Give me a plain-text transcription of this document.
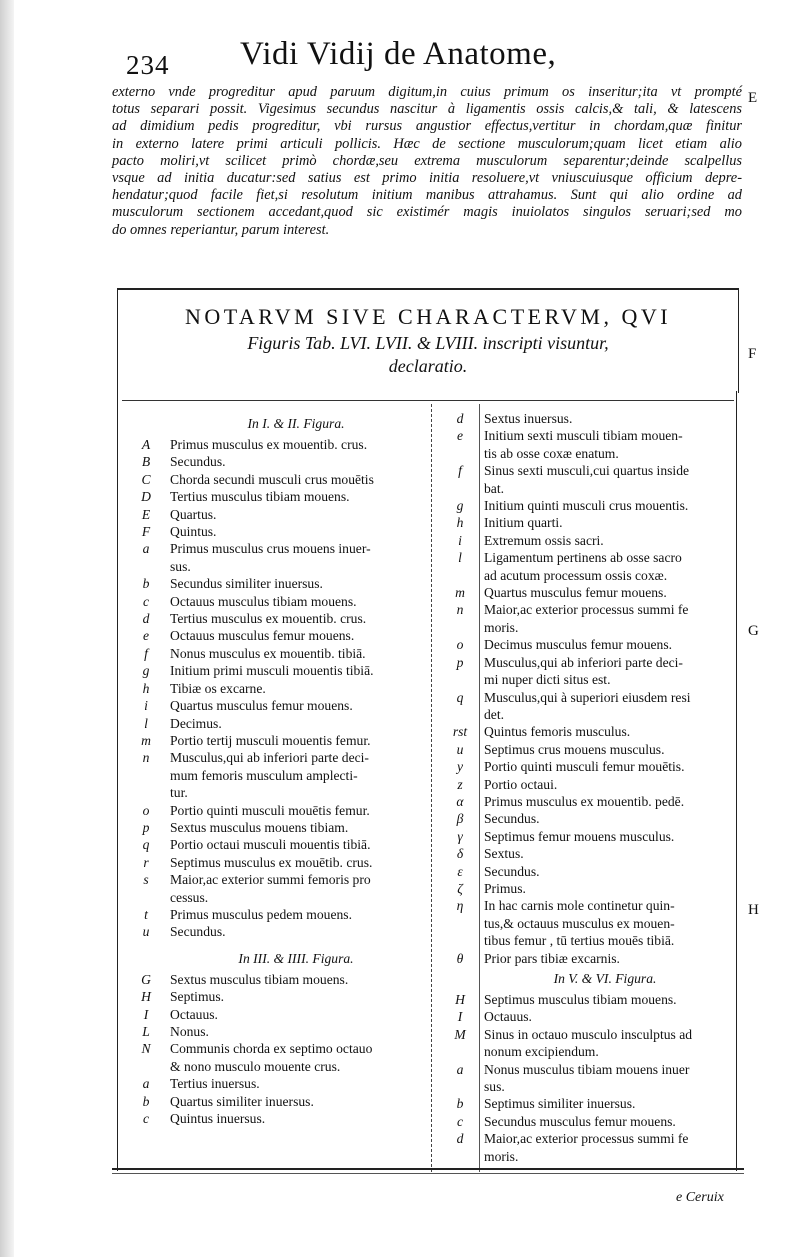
234 Vidi Vidij de Anatome,
externo vnde progreditur apud paruum digitum,in cuius primum os inseritur;ita vt prompté
totus separari possit. Vigesimus secundus nascitur à ligamentis ossis calcis,& tali, & latescens
ad dimidium pedis progreditur, vbi rursus angustior effectus,vertitur in chordam,quæ finitur
in externo latere primi articuli pollicis. Hæc de sectione musculorum;quam licet etiam alio
pacto moliri,vt scilicet primò chordæ,seu extrema musculorum separentur;deinde scalpellus
vsque ad initia ducatur:sed satius est primo initia resoluere,vt vniuscuiusque officium depre-
hendatur;quod facile fiet,si resolutum initium manibus attrahamus. Sunt qui alio ordine ad
musculorum sectionem accedant,quod sic existimér magis inuiolatos singulos seruari;sed mo
do omnes reperiantur, parum interest.
E
F
G
H
NOTARVM SIVE CHARACTERVM, QVI
Figuris Tab. LVI. LVII. & LVIII. inscripti visuntur,
declaratio.
In I. & II. Figura.
A	Primus musculus ex mouentib. crus.
B	Secundus.
C	Chorda secundi musculi crus mouētis
D	Tertius musculus tibiam mouens.
E	Quartus.
F	Quintus.
a	Primus musculus crus mouens inuer-
sus.
b	Secundus similiter inuersus.
c	Octauus musculus tibiam mouens.
d	Tertius musculus ex mouentib. crus.
e	Octauus musculus femur mouens.
f	Nonus musculus ex mouentib. tibiā.
g	Initium primi musculi mouentis tibiā.
h	Tibiæ os excarne.
i	Quartus musculus femur mouens.
l	Decimus.
m	Portio tertij musculi mouentis femur.
n	Musculus,qui ab inferiori parte deci-
mum femoris musculum amplecti-
tur.
o	Portio quinti musculi mouētis femur.
p	Sextus musculus mouens tibiam.
q	Portio octaui musculi mouentis tibiā.
r	Septimus musculus ex mouētib. crus.
s	Maior,ac exterior summi femoris pro
cessus.
t	Primus musculus pedem mouens.
u	Secundus.
In III. & IIII. Figura.
G	Sextus musculus tibiam mouens.
H	Septimus.
I	Octauus.
L	Nonus.
N	Communis chorda ex septimo octauo
& nono musculo mouente crus.
a	Tertius inuersus.
b	Quartus similiter inuersus.
c	Quintus inuersus.
d	Sextus inuersus.
e	Initium sexti musculi tibiam mouen-
tis ab osse coxæ enatum.
f	Sinus sexti musculi,cui quartus inside
bat.
g	Initium quinti musculi crus mouentis.
h	Initium quarti.
i	Extremum ossis sacri.
l	Ligamentum pertinens ab osse sacro
ad acutum processum ossis coxæ.
m	Quartus musculus femur mouens.
n	Maior,ac exterior processus summi fe
moris.
o	Decimus musculus femur mouens.
p	Musculus,qui ab inferiori parte deci-
mi nuper dicti situs est.
q	Musculus,qui à superiori eiusdem resi
det.
rst	Quintus femoris musculus.
u	Septimus crus mouens musculus.
y	Portio quinti musculi femur mouētis.
z	Portio octaui.
α	Primus musculus ex mouentib. pedē.
β	Secundus.
γ	Septimus femur mouens musculus.
δ	Sextus.
ε	Secundus.
ζ	Primus.
η	In hac carnis mole continetur quin-
tus,& octauus musculus ex mouen-
tibus femur , tū tertius mouēs tibiā.
θ	Prior pars tibiæ excarnis.
In V. & VI. Figura.
H	Septimus musculus tibiam mouens.
I	Octauus.
M	Sinus in octauo musculo insculptus ad
nonum excipiendum.
a	Nonus musculus tibiam mouens inuer
sus.
b	Septimus similiter inuersus.
c	Secundus musculus femur mouens.
d	Maior,ac exterior processus summi fe
moris.
e Ceruix
